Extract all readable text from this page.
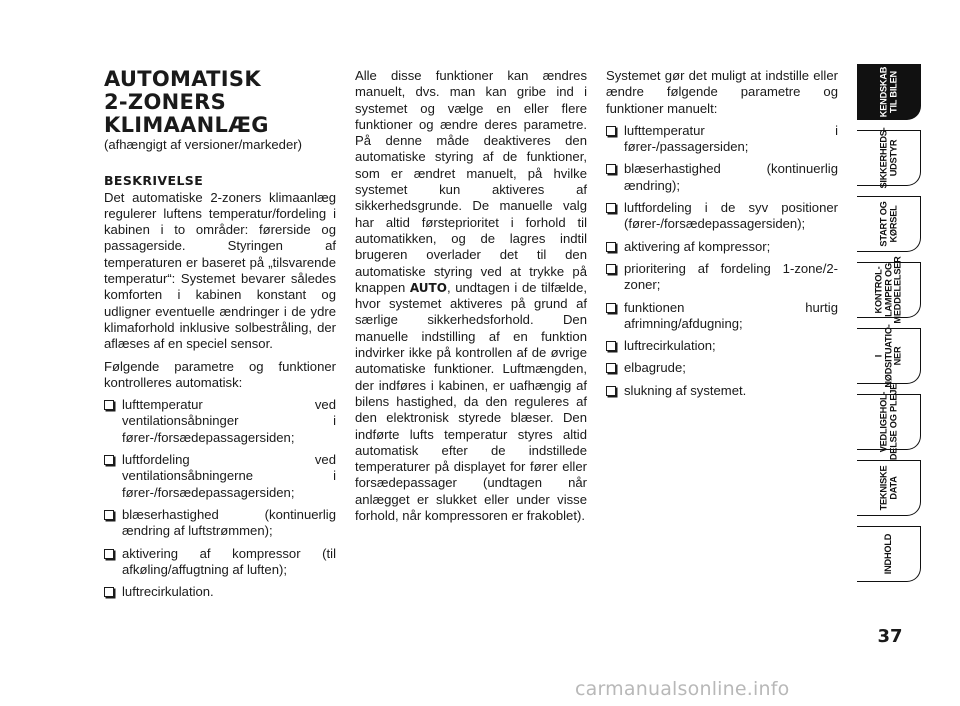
AUTOMATISK
2-ZONERS
KLIMAANLÆG

(afhængigt af versioner/markeder)

BESKRIVELSE

Det automatiske 2-zoners klimaanlæg regulerer luftens temperatur/fordeling i kabinen i to områder: førerside og passagerside. Styringen af temperaturen er baseret på „tilsvarende temperatur“: Systemet bevarer således komforten i kabinen konstant og udligner eventuelle ændringer i de ydre klimaforhold inklusive solbestråling, der aflæses af en speciel sensor.

Følgende parametre og funktioner kontrolleres automatisk:

lufttemperatur ved ventilationsåbninger i fører-/forsædepassagersiden;
luftfordeling ved ventilationsåbningerne i fører-/forsædepassagersiden;
blæserhastighed (kontinuerlig ændring af luftstrømmen);
aktivering af kompressor (til afkøling/affugtning af luften);
luftrecirkulation.

Alle disse funktioner kan ændres manuelt, dvs. man kan gribe ind i systemet og vælge en eller flere funktioner og ændre deres parametre. På denne måde deaktiveres den automatiske styring af de funktioner, som er ændret manuelt, på hvilke systemet kun aktiveres af sikkerhedsgrunde. De manuelle valg har altid førsteprioritet i forhold til automatikken, og de lagres indtil brugeren overlader det til den automatiske styring ved at trykke på knappen AUTO, undtagen i de tilfælde, hvor systemet aktiveres på grund af særlige sikkerhedsforhold. Den manuelle indstilling af en funktion indvirker ikke på kontrollen af de øvrige automatiske funktioner. Luftmængden, der indføres i kabinen, er uafhængig af bilens hastighed, da den reguleres af den elektronisk styrede blæser. Den indførte lufts temperatur styres altid automatisk efter de indstillede temperaturer på displayet for fører eller forsædepassager (undtagen når anlægget er slukket eller under visse forhold, når kompressoren er frakoblet).

Systemet gør det muligt at indstille eller ændre følgende parametre og funktioner manuelt:

lufttemperatur i fører-/passagersiden;
blæserhastighed (kontinuerlig ændring);
luftfordeling i de syv positioner (fører-/forsædepassagersiden);
aktivering af kompressor;
prioritering af fordeling 1-zone/2-zoner;
funktionen hurtig afrimning/afdugning;
luftrecirkulation;
elbagrude;
slukning af systemet.
KENDSKAB
TIL BILEN
SIKKERHEDS-
UDSTYR
START OG
KØRSEL
KONTROL-
LAMPER OG
MEDDELELSER
I
NØDSITUATIO-
NER
VEDLIGEHOL-
DELSE OG PLEJE
TEKNISKE
DATA
INDHOLD
37
carmanualsonline.info
